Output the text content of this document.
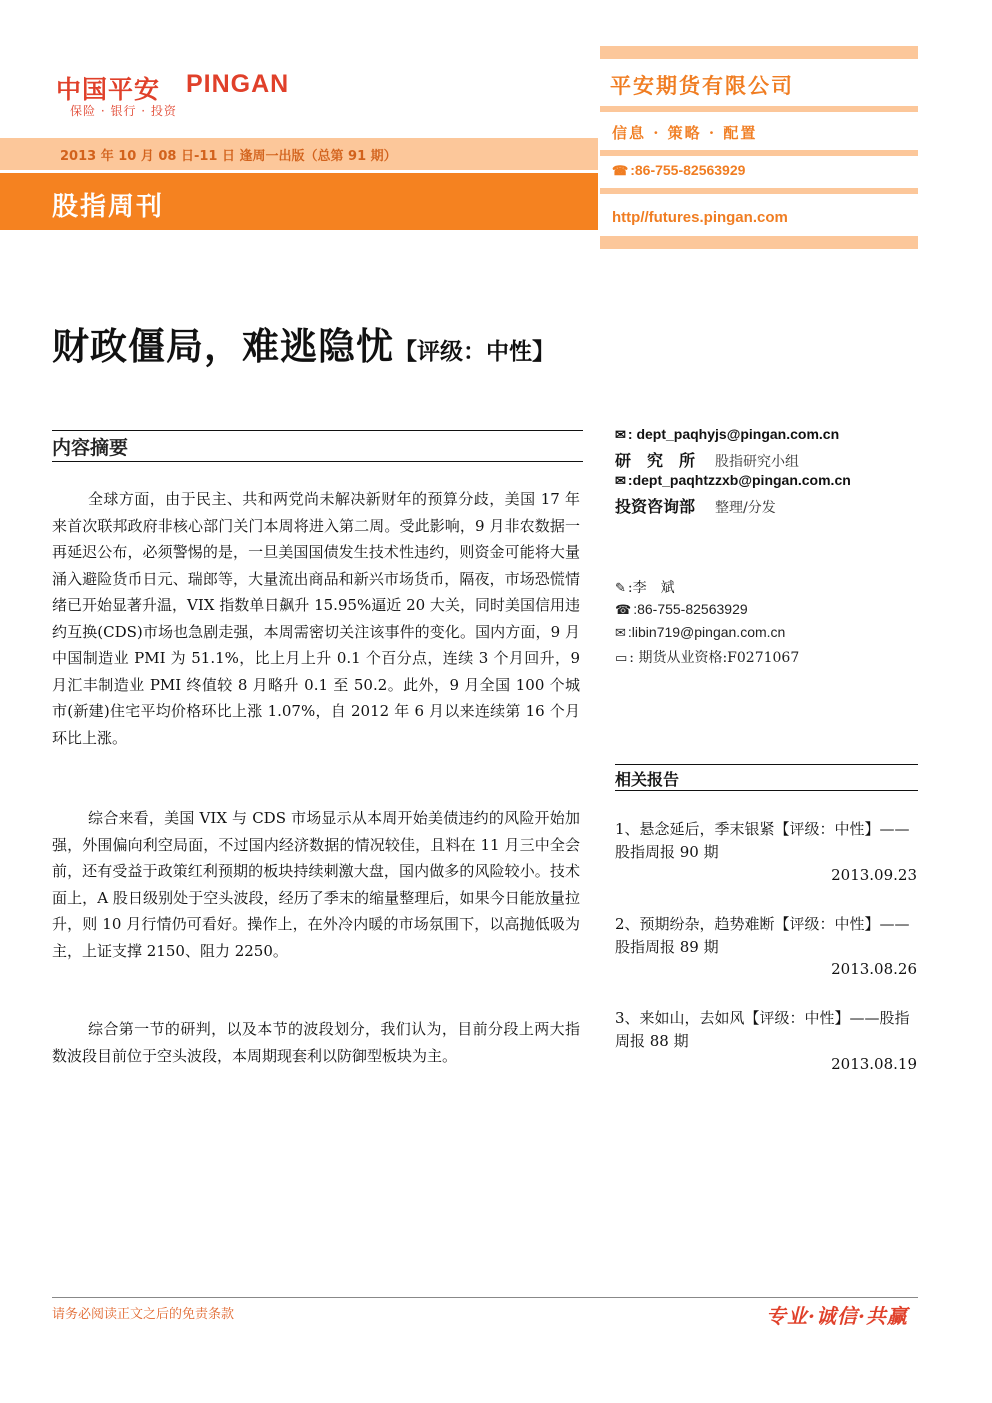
中国平安 PINGAN
保险 · 银行 · 投资
2013 年 10 月 08 日-11 日 逢周一出版（总第 91 期）
股指周刊
平安期货有限公司
信息 · 策略 · 配置
☎ :86-755-82563929
http//futures.pingan.com
财政僵局，难逃隐忧【评级：中性】
内容摘要

全球方面，由于民主、共和两党尚未解决新财年的预算分歧，美国 17 年来首次联邦政府非核心部门关门本周将进入第二周。受此影响，9 月非农数据一再延迟公布，必须警惕的是，一旦美国国债发生技术性违约，则资金可能将大量涌入避险货币日元、瑞郎等，大量流出商品和新兴市场货币，隔夜，市场恐慌情绪已开始显著升温，VIX 指数单日飙升 15.95%逼近 20 大关，同时美国信用违约互换(CDS)市场也急剧走强，本周需密切关注该事件的变化。国内方面，9 月中国制造业 PMI 为 51.1%，比上月上升 0.1 个百分点，连续 3 个月回升，9 月汇丰制造业 PMI 终值较 8 月略升 0.1 至 50.2。此外，9 月全国 100 个城市(新建)住宅平均价格环比上涨 1.07%，自 2012 年 6 月以来连续第 16 个月环比上涨。

综合来看，美国 VIX 与 CDS 市场显示从本周开始美债违约的风险开始加强，外围偏向利空局面，不过国内经济数据的情况较佳，且料在 11 月三中全会前，还有受益于政策红利预期的板块持续刺激大盘，国内做多的风险较小。技术面上，A 股日级别处于空头波段，经历了季末的缩量整理后，如果今日能放量拉升，则 10 月行情仍可看好。操作上，在外冷内暖的市场氛围下，以高抛低吸为主，上证支撑 2150、阻力 2250。

综合第一节的研判，以及本节的波段划分，我们认为，目前分段上两大指数波段目前位于空头波段，本周期现套利以防御型板块为主。

✉ : dept_paqhyjs@pingan.com.cn
研　究　所 股指研究小组
✉ :dept_paqhtzzxb@pingan.com.cn
投资咨询部 整理/分发
✎ :李　斌
☎ :86-755-82563929
✉ :libin719@pingan.com.cn
▭ : 期货从业资格:F0271067
相关报告
1、悬念延后，季末银紧【评级：中性】——股指周报 90 期
2013.09.23
2、预期纷杂，趋势难断【评级：中性】——股指周报 89 期
2013.08.26
3、来如山，去如风【评级：中性】——股指周报 88 期
2013.08.19
请务必阅读正文之后的免责条款	专业·诚信·共赢
